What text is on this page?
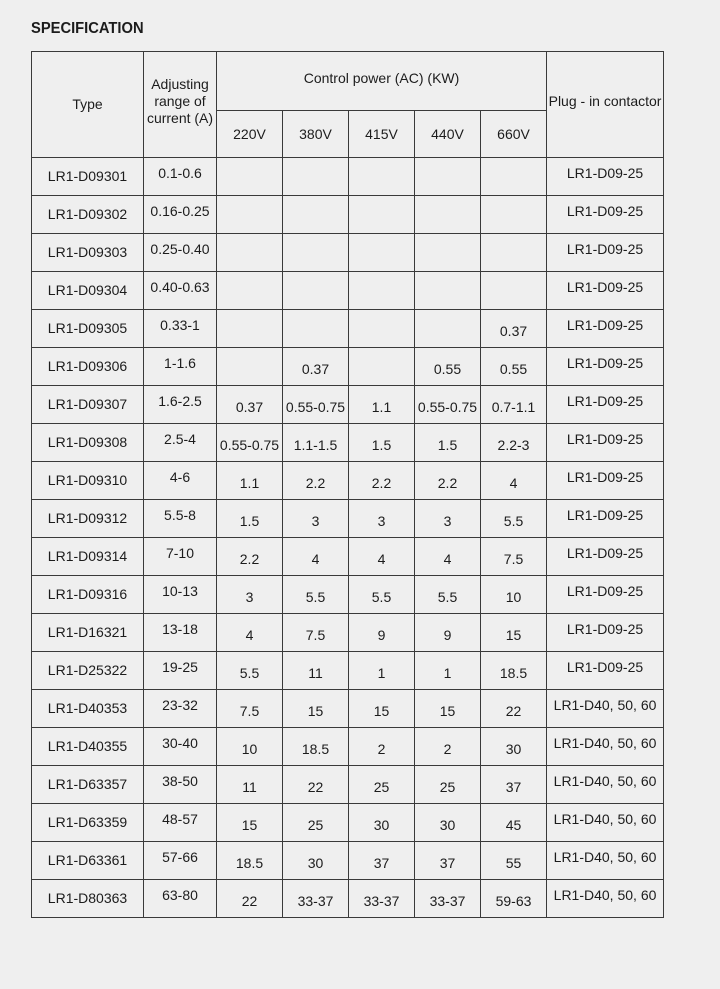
SPECIFICATION
Type	Adjusting range of current (A)	Control power (AC) (KW)					Plug - in contactor

		220V	380V	415V	440V	660V	
LR1-D09301	0.1-0.6						LR1-D09-25

LR1-D09302	0.16-0.25						LR1-D09-25

LR1-D09303	0.25-0.40						LR1-D09-25

LR1-D09304	0.40-0.63						LR1-D09-25

LR1-D09305	0.33-1					0.37	LR1-D09-25

LR1-D09306	1-1.6		0.37		0.55	0.55	LR1-D09-25

LR1-D09307	1.6-2.5	0.37	0.55-0.75	1.1	0.55-0.75	0.7-1.1	LR1-D09-25

LR1-D09308	2.5-4	0.55-0.75	1.1-1.5	1.5	1.5	2.2-3	LR1-D09-25

LR1-D09310	4-6	1.1	2.2	2.2	2.2	4	LR1-D09-25

LR1-D09312	5.5-8	1.5	3	3	3	5.5	LR1-D09-25

LR1-D09314	7-10	2.2	4	4	4	7.5	LR1-D09-25

LR1-D09316	10-13	3	5.5	5.5	5.5	10	LR1-D09-25

LR1-D16321	13-18	4	7.5	9	9	15	LR1-D09-25

LR1-D25322	19-25	5.5	11	1	1	18.5	LR1-D09-25

LR1-D40353	23-32	7.5	15	15	15	22	LR1-D40, 50, 60

LR1-D40355	30-40	10	18.5	2	2	30	LR1-D40, 50, 60

LR1-D63357	38-50	11	22	25	25	37	LR1-D40, 50, 60

LR1-D63359	48-57	15	25	30	30	45	LR1-D40, 50, 60

LR1-D63361	57-66	18.5	30	37	37	55	LR1-D40, 50, 60

LR1-D80363	63-80	22	33-37	33-37	33-37	59-63	LR1-D40, 50, 60
